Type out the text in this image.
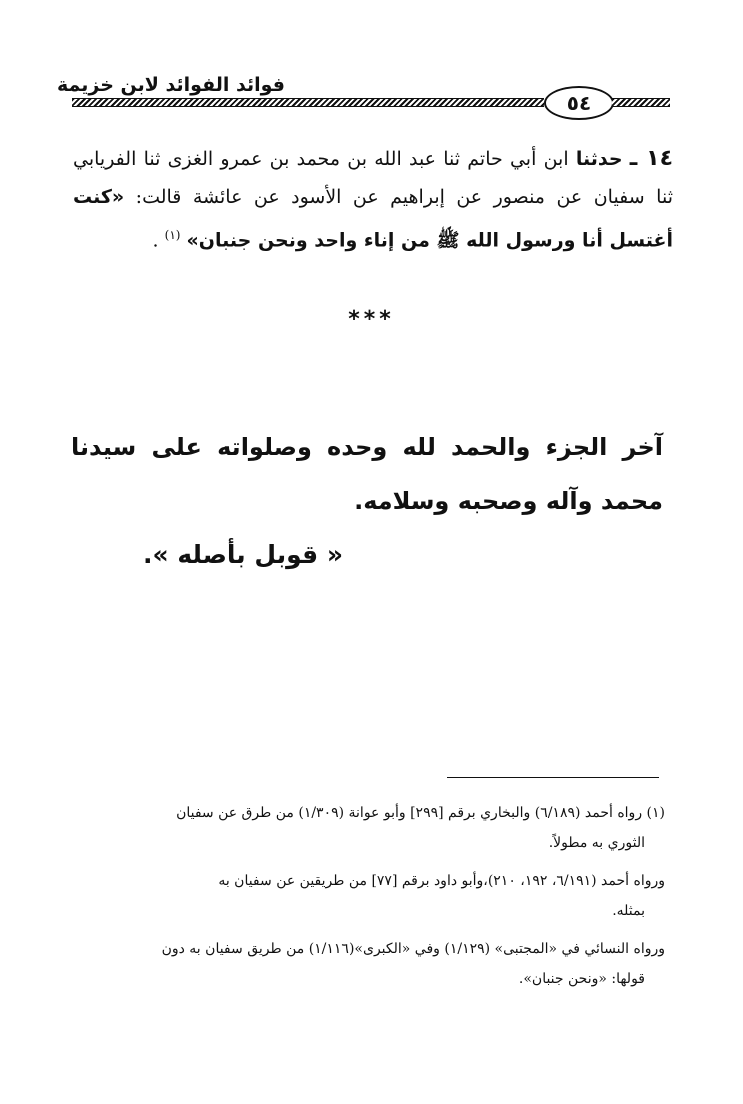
فوائد الفوائد لابن خزيمة
٥٤
١٤ ـ حدثنا ابن أبي حاتم ثنا عبد الله بن محمد بن عمرو الغزى ثنا الفريابي ثنا سفيان عن منصور عن إبراهيم عن الأسود عن عائشة قالت: «كنت أغتسل أنا ورسول الله ﷺ من إناء واحد ونحن جنبان» $^{(١)}$ .
***
آخر الجزء والحمد لله وحده وصلواته على سيدنا محمد وآله وصحبه وسلامه.
« قوبل بأصله ».
(١) رواه أحمد (٦/١٨٩) والبخاري برقم [٢٩٩] وأبو عوانة (١/٣٠٩) من طرق عن سفيان
الثوري به مطولاً.
ورواه أحمد (٦/١٩١، ١٩٢، ٢١٠)،وأبو داود برقم [٧٧] من طريقين عن سفيان به
بمثله.
ورواه النسائي في «المجتبى» (١/١٢٩) وفي «الكبرى»(١/١١٦) من طريق سفيان به دون
قولها: «ونحن جنبان».
